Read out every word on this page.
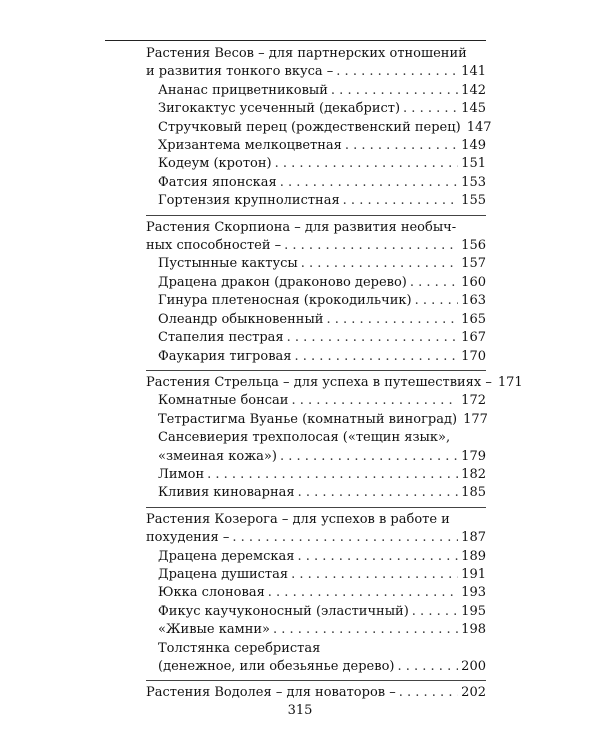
Растения Весов – для партнерских отношений
и развития тонкого вкуса – . . .	141
Ананас прицветниковый . . .	142
Зигокактус усеченный (декабрист) . . .	145
Стручковый перец (рождественский перец) 147
Хризантема мелкоцветная . . .	149
Кодеум (кротон) . . .	151
Фатсия японская . . .	153
Гортензия крупнолистная . . .	155
Растения Скорпиона – для развития необыч-
ных способностей – . . .	156
Пустынные кактусы . . .	157
Драцена дракон (драконово дерево) . . .	160
Гинура плетеносная (крокодильчик) . . .	163
Олеандр обыкновенный . . .	165
Стапелия пестрая . . .	167
Фаукария тигровая . . .	170
Растения Стрельца – для успеха в путешествиях – 171
Комнатные бонсаи . . .	172
Тетрастигма Вуанье (комнатный виноград) 177
Сансевиерия трехполосая («тещин язык»,
«змеиная кожа») . . .	179
Лимон . . .	182
Кливия киноварная . . .	185
Растения Козерога – для успехов в работе и
похудения – . . .	187
Драцена деремская . . .	189
Драцена душистая . . .	191
Юкка слоновая . . .	193
Фикус каучуконосный (эластичный) . . .	195
«Живые камни» . . .	198
Толстянка серебристая
(денежное, или обезьянье дерево) . . .	200
Растения Водолея – для новаторов – . . .	202
315
